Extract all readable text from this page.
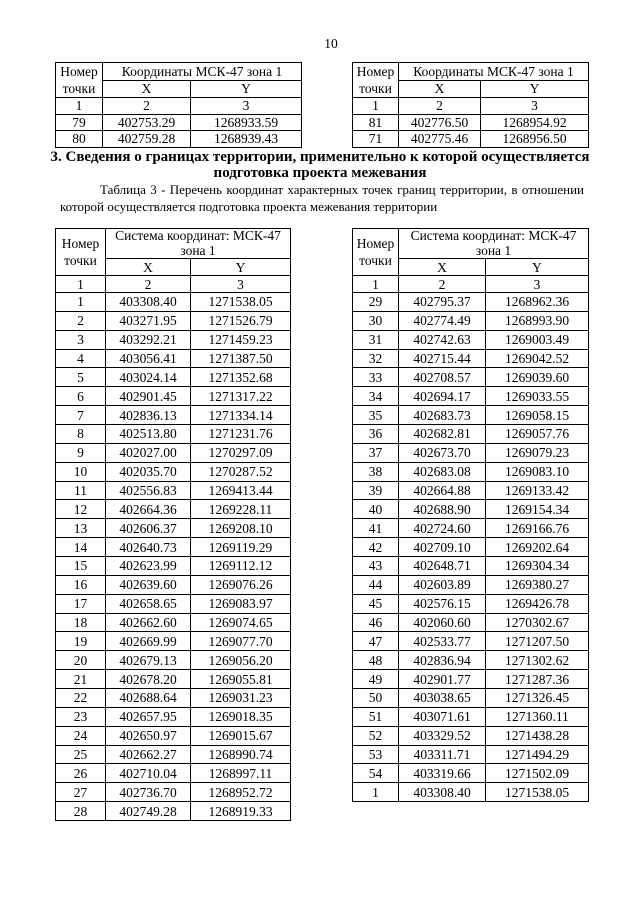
10
Номер точки	Координаты МСК-47 зона 1	
	X	Y
1	2	3
79	402753.29	1268933.59
80	402759.28	1268939.43
Номер точки	Координаты МСК-47 зона 1	
	X	Y
1	2	3
81	402776.50	1268954.92
71	402775.46	1268956.50
3. Сведения о границах территории, применительно к которой осуществляется
подготовка проекта межевания
Таблица 3 - Перечень координат характерных точек границ территории, в отношении
которой осуществляется подготовка проекта межевания территории
Номер точки	Система координат: МСК-47 зона 1	
	X	Y
1	2	3
1	403308.40	1271538.05
2	403271.95	1271526.79
3	403292.21	1271459.23
4	403056.41	1271387.50
5	403024.14	1271352.68
6	402901.45	1271317.22
7	402836.13	1271334.14
8	402513.80	1271231.76
9	402027.00	1270297.09
10	402035.70	1270287.52
11	402556.83	1269413.44
12	402664.36	1269228.11
13	402606.37	1269208.10
14	402640.73	1269119.29
15	402623.99	1269112.12
16	402639.60	1269076.26
17	402658.65	1269083.97
18	402662.60	1269074.65
19	402669.99	1269077.70
20	402679.13	1269056.20
21	402678.20	1269055.81
22	402688.64	1269031.23
23	402657.95	1269018.35
24	402650.97	1269015.67
25	402662.27	1268990.74
26	402710.04	1268997.11
27	402736.70	1268952.72
28	402749.28	1268919.33
Номер точки	Система координат: МСК-47 зона 1	
	X	Y
1	2	3
29	402795.37	1268962.36
30	402774.49	1268993.90
31	402742.63	1269003.49
32	402715.44	1269042.52
33	402708.57	1269039.60
34	402694.17	1269033.55
35	402683.73	1269058.15
36	402682.81	1269057.76
37	402673.70	1269079.23
38	402683.08	1269083.10
39	402664.88	1269133.42
40	402688.90	1269154.34
41	402724.60	1269166.76
42	402709.10	1269202.64
43	402648.71	1269304.34
44	402603.89	1269380.27
45	402576.15	1269426.78
46	402060.60	1270302.67
47	402533.77	1271207.50
48	402836.94	1271302.62
49	402901.77	1271287.36
50	403038.65	1271326.45
51	403071.61	1271360.11
52	403329.52	1271438.28
53	403311.71	1271494.29
54	403319.66	1271502.09
1	403308.40	1271538.05
